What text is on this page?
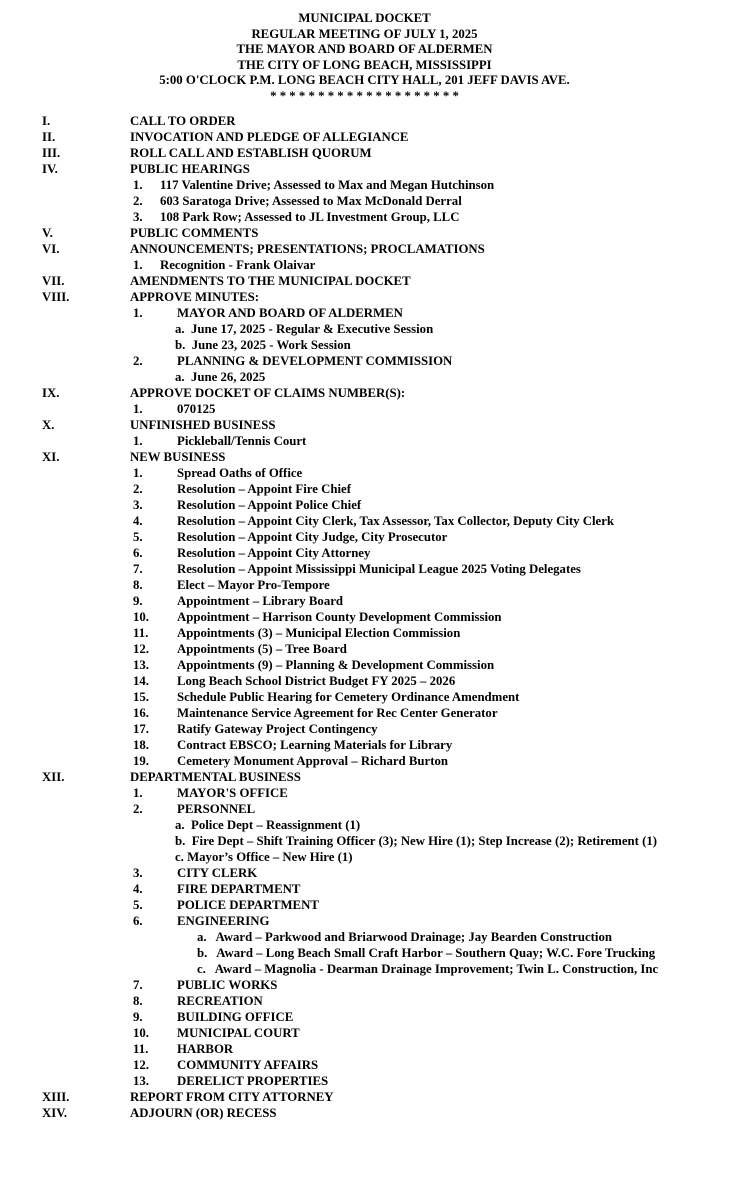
MUNICIPAL DOCKET
REGULAR MEETING OF JULY 1, 2025
THE MAYOR AND BOARD OF ALDERMEN
THE CITY OF LONG BEACH, MISSISSIPPI
5:00 O'CLOCK P.M. LONG BEACH CITY HALL, 201 JEFF DAVIS AVE.
* * * * * * * * * * * * * * * * * * * *
I.	CALL TO ORDER
II.	INVOCATION AND PLEDGE OF ALLEGIANCE
III.	ROLL CALL AND ESTABLISH QUORUM
IV.	PUBLIC HEARINGS
1.	117 Valentine Drive; Assessed to Max and Megan Hutchinson
2.	603 Saratoga Drive; Assessed to Max McDonald Derral
3.	108 Park Row; Assessed to JL Investment Group, LLC
V.	PUBLIC COMMENTS
VI.	ANNOUNCEMENTS; PRESENTATIONS; PROCLAMATIONS
1.	Recognition - Frank Olaivar
VII.	AMENDMENTS TO THE MUNICIPAL DOCKET
VIII.	APPROVE MINUTES:
1.	MAYOR AND BOARD OF ALDERMEN
a.  June 17, 2025 - Regular & Executive Session
b.  June 23, 2025 - Work Session
2.	PLANNING & DEVELOPMENT COMMISSION
a.  June 26, 2025
IX.	APPROVE DOCKET OF CLAIMS NUMBER(S):
1.	070125
X.	UNFINISHED BUSINESS
1.	Pickleball/Tennis Court
XI.	NEW BUSINESS
1.	Spread Oaths of Office
2.	Resolution – Appoint Fire Chief
3.	Resolution – Appoint Police Chief
4.	Resolution – Appoint City Clerk, Tax Assessor, Tax Collector, Deputy City Clerk
5.	Resolution – Appoint City Judge, City Prosecutor
6.	Resolution – Appoint City Attorney
7.	Resolution – Appoint Mississippi Municipal League 2025 Voting Delegates
8.	Elect – Mayor Pro-Tempore
9.	Appointment – Library Board
10.	Appointment – Harrison County Development Commission
11.	Appointments (3) – Municipal Election Commission
12.	Appointments (5) – Tree Board
13.	Appointments (9) – Planning & Development Commission
14.	Long Beach School District Budget FY 2025 – 2026
15.	Schedule Public Hearing for Cemetery Ordinance Amendment
16.	Maintenance Service Agreement for Rec Center Generator
17.	Ratify Gateway Project Contingency
18.	Contract EBSCO; Learning Materials for Library
19.	Cemetery Monument Approval – Richard Burton
XII.	DEPARTMENTAL BUSINESS
1.	MAYOR'S OFFICE
2.	PERSONNEL
a.  Police Dept – Reassignment (1)
b.  Fire Dept – Shift Training Officer (3); New Hire (1); Step Increase (2); Retirement (1)
c. Mayor’s Office – New Hire (1)
3.	CITY CLERK
4.	FIRE DEPARTMENT
5.	POLICE DEPARTMENT
6.	ENGINEERING
a.   Award – Parkwood and Briarwood Drainage; Jay Bearden Construction
b.   Award – Long Beach Small Craft Harbor – Southern Quay; W.C. Fore Trucking
c.   Award – Magnolia - Dearman Drainage Improvement; Twin L. Construction, Inc
7.	PUBLIC WORKS
8.	RECREATION
9.	BUILDING OFFICE
10.	MUNICIPAL COURT
11.	HARBOR
12.	COMMUNITY AFFAIRS
13.	DERELICT PROPERTIES
XIII.	REPORT FROM CITY ATTORNEY
XIV.	ADJOURN (OR) RECESS
